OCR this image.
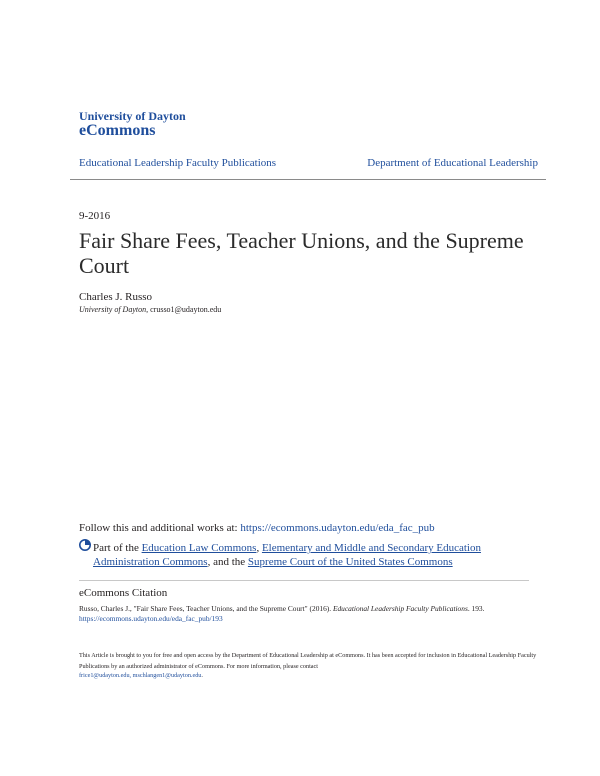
University of Dayton
eCommons
Educational Leadership Faculty Publications	Department of Educational Leadership
9-2016
Fair Share Fees, Teacher Unions, and the Supreme Court
Charles J. Russo
University of Dayton, crusso1@udayton.edu
Follow this and additional works at: https://ecommons.udayton.edu/eda_fac_pub
Part of the Education Law Commons, Elementary and Middle and Secondary Education Administration Commons, and the Supreme Court of the United States Commons
eCommons Citation
Russo, Charles J., "Fair Share Fees, Teacher Unions, and the Supreme Court" (2016). Educational Leadership Faculty Publications. 193.
https://ecommons.udayton.edu/eda_fac_pub/193
This Article is brought to you for free and open access by the Department of Educational Leadership at eCommons. It has been accepted for inclusion in Educational Leadership Faculty Publications by an authorized administrator of eCommons. For more information, please contact
frice1@udayton.edu, mschlangen1@udayton.edu.
